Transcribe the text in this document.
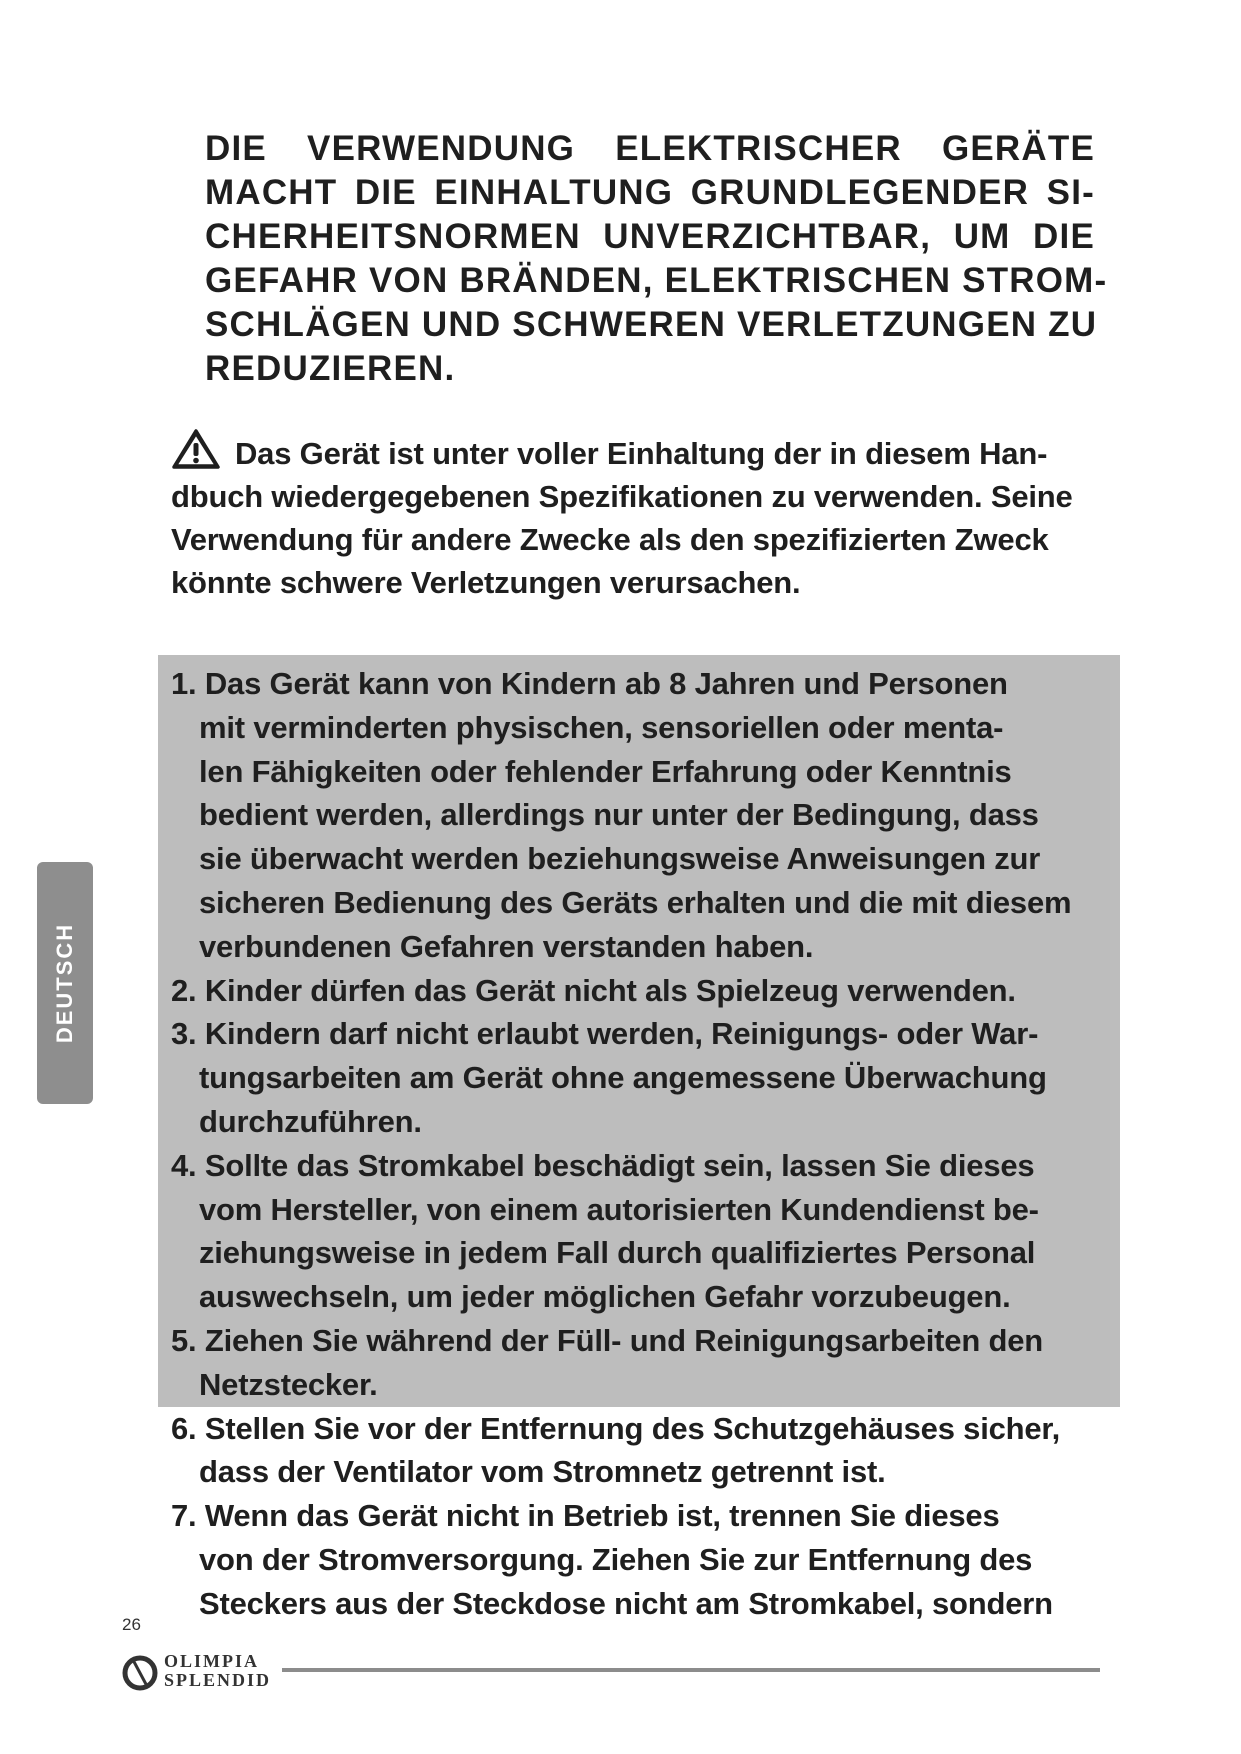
DIE VERWENDUNG ELEKTRISCHER GERÄTE
MACHT DIE EINHALTUNG GRUNDLEGENDER SI-
CHERHEITSNORMEN UNVERZICHTBAR, UM DIE
GEFAHR VON BRÄNDEN, ELEKTRISCHEN STROM-
SCHLÄGEN UND SCHWEREN VERLETZUNGEN ZU
REDUZIEREN.
Das Gerät ist unter voller Einhaltung der in diesem Han-
dbuch wiedergegebenen Spezifikationen zu verwenden. Seine
Verwendung für andere Zwecke als den spezifizierten Zweck
könnte schwere Verletzungen verursachen.
1. Das Gerät kann von Kindern ab 8 Jahren und Personen
mit verminderten physischen, sensoriellen oder menta-
len Fähigkeiten oder fehlender Erfahrung oder Kenntnis
bedient werden, allerdings nur unter der Bedingung, dass
sie überwacht werden beziehungsweise Anweisungen zur
sicheren Bedienung des Geräts erhalten und die mit diesem
verbundenen Gefahren verstanden haben.
2. Kinder dürfen das Gerät nicht als Spielzeug verwenden.
3. Kindern darf nicht erlaubt werden, Reinigungs- oder War-
tungsarbeiten am Gerät ohne angemessene Überwachung
durchzuführen.
4. Sollte das Stromkabel beschädigt sein, lassen Sie dieses
vom Hersteller, von einem autorisierten Kundendienst be-
ziehungsweise in jedem Fall durch qualifiziertes Personal
auswechseln, um jeder möglichen Gefahr vorzubeugen.
5. Ziehen Sie während der Füll- und Reinigungsarbeiten den
Netzstecker.
6. Stellen Sie vor der Entfernung des Schutzgehäuses sicher,
dass der Ventilator vom Stromnetz getrennt ist.
7. Wenn das Gerät nicht in Betrieb ist, trennen Sie dieses
von der Stromversorgung. Ziehen Sie zur Entfernung des
Steckers aus der Steckdose nicht am Stromkabel, sondern
DEUTSCH
26
OLIMPIA
SPLENDID
